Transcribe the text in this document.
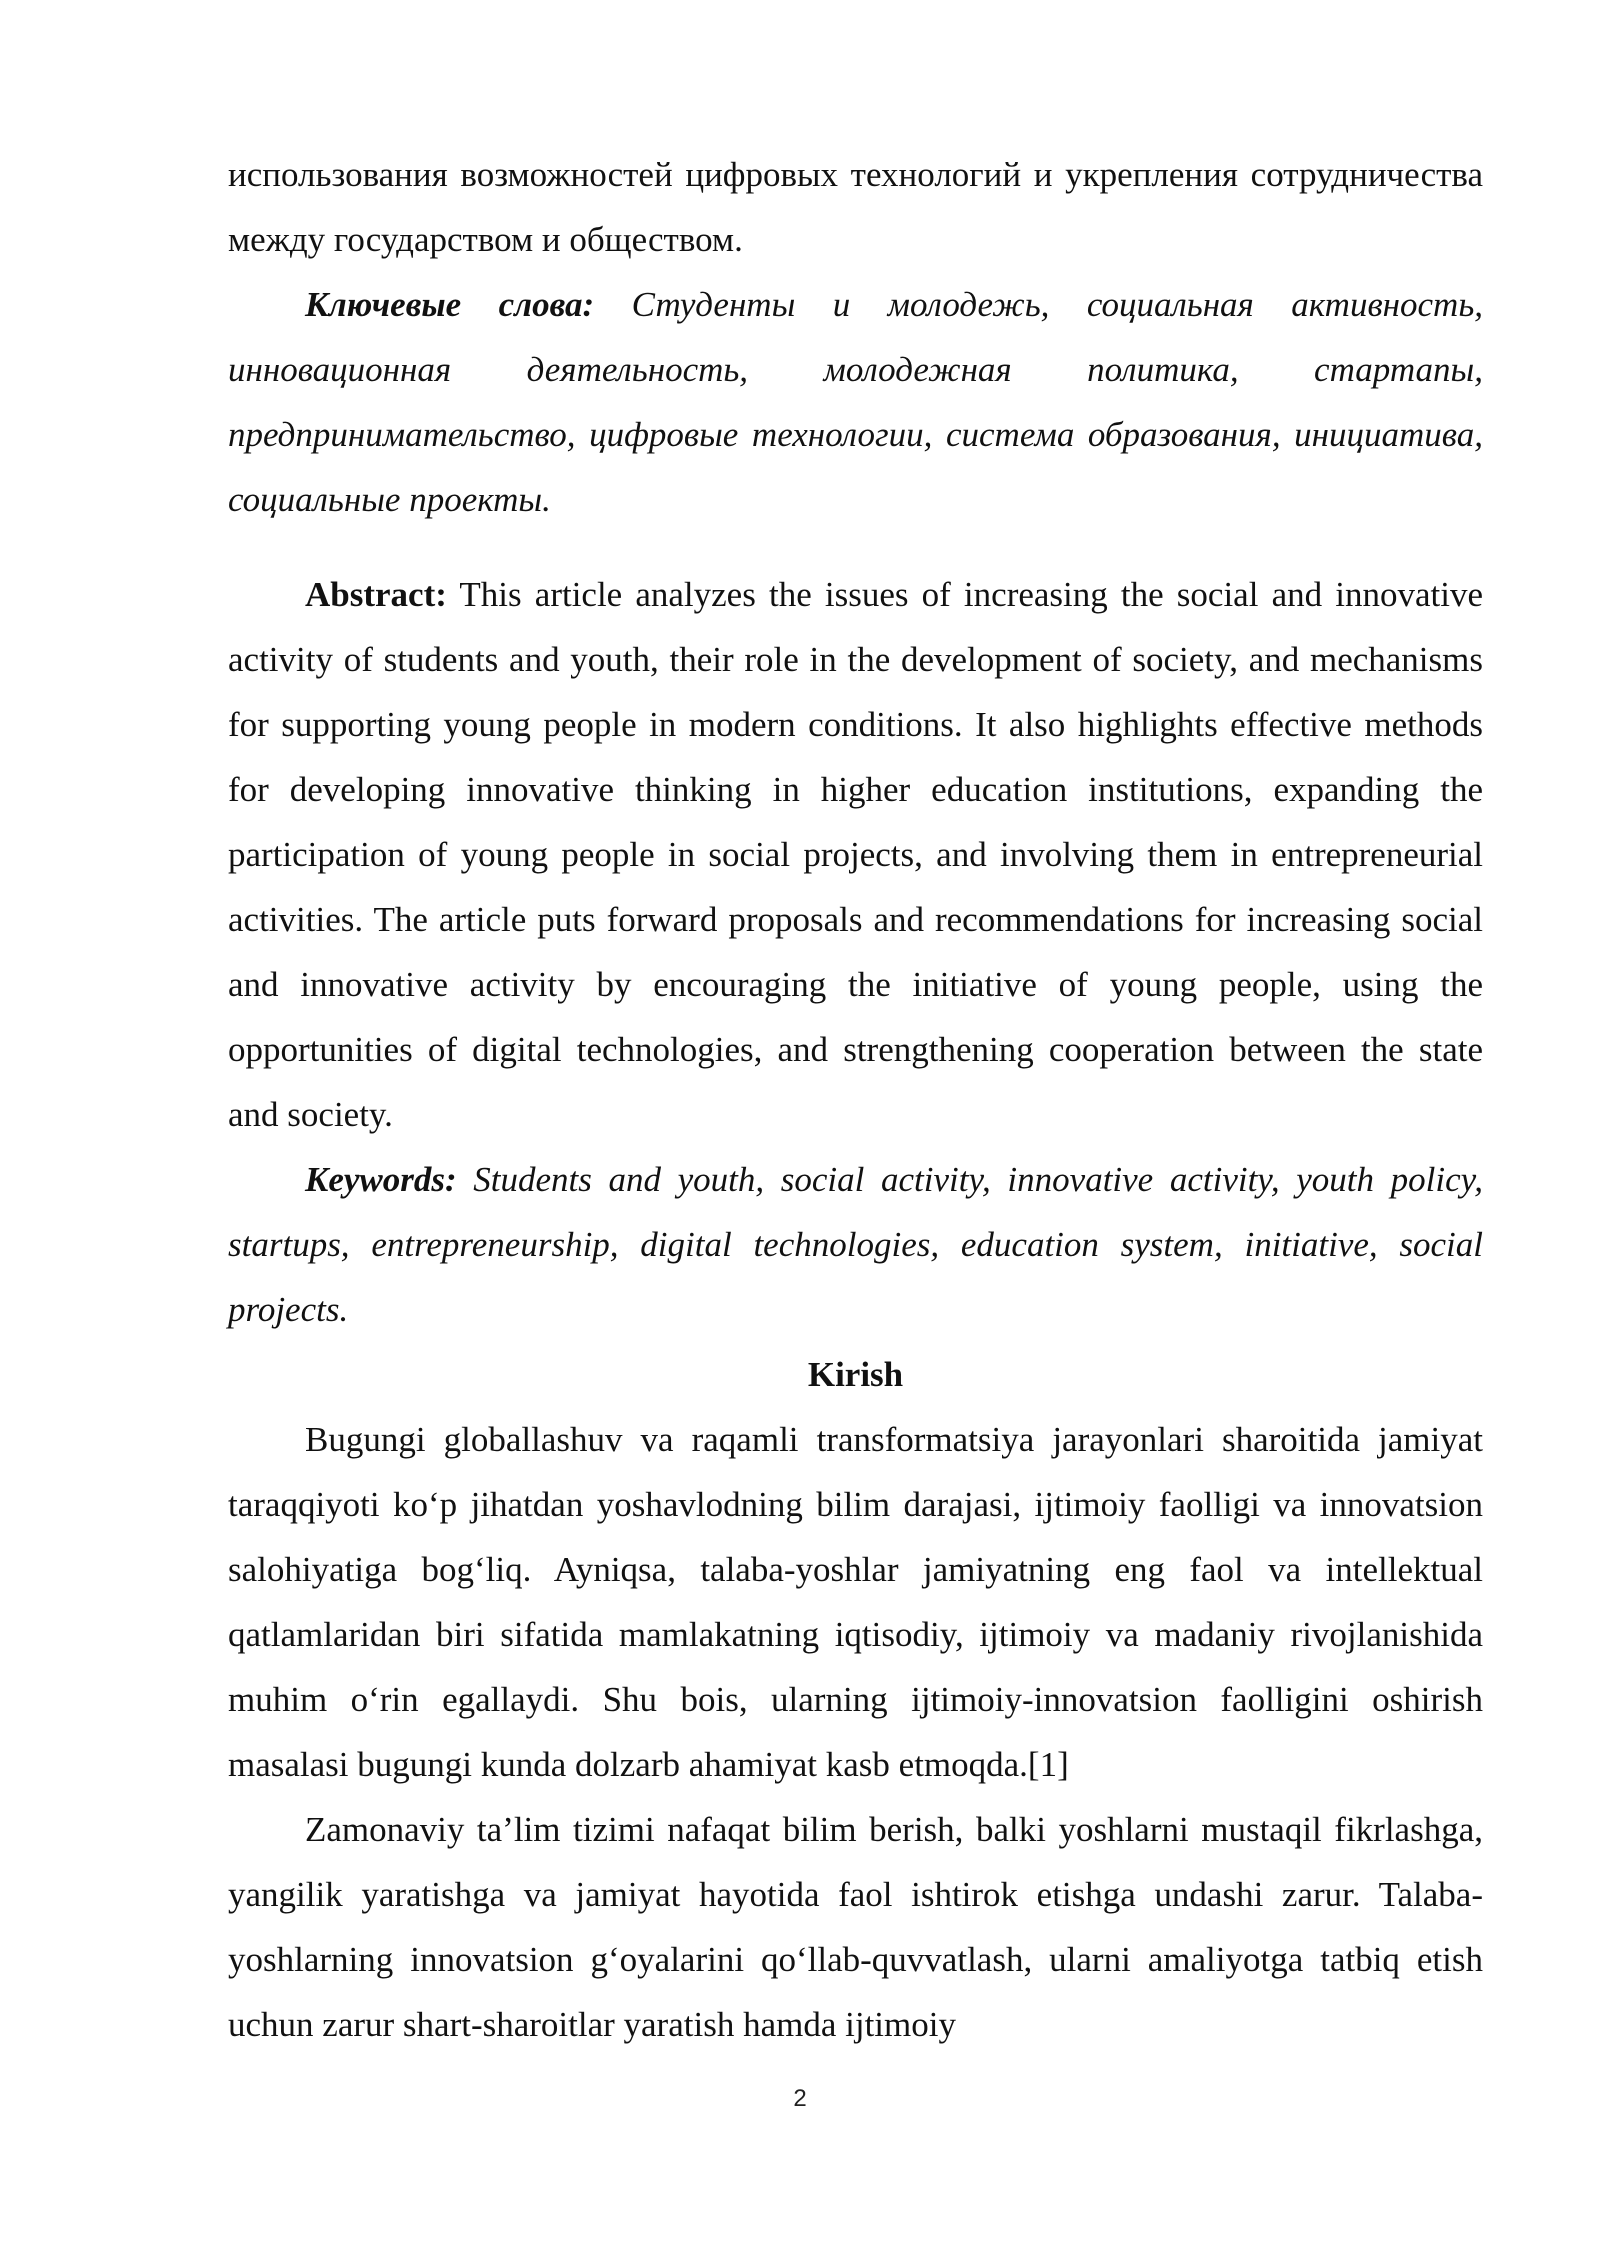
использования возможностей цифровых технологий и укрепления сотрудничества между государством и обществом.

Ключевые слова: Студенты и молодежь, социальная активность, инновационная деятельность, молодежная политика, стартапы, предпринимательство, цифровые технологии, система образования, инициатива, социальные проекты.

Abstract: This article analyzes the issues of increasing the social and innovative activity of students and youth, their role in the development of society, and mechanisms for supporting young people in modern conditions. It also highlights effective methods for developing innovative thinking in higher education institutions, expanding the participation of young people in social projects, and involving them in entrepreneurial activities. The article puts forward proposals and recommendations for increasing social and innovative activity by encouraging the initiative of young people, using the opportunities of digital technologies, and strengthening cooperation between the state and society.

Keywords: Students and youth, social activity, innovative activity, youth policy, startups, entrepreneurship, digital technologies, education system, initiative, social projects.

Kirish

Bugungi globallashuv va raqamli transformatsiya jarayonlari sharoitida jamiyat taraqqiyoti ko‘p jihatdan yoshavlodning bilim darajasi, ijtimoiy faolligi va innovatsion salohiyatiga bog‘liq. Ayniqsa, talaba-yoshlar jamiyatning eng faol va intellektual qatlamlaridan biri sifatida mamlakatning iqtisodiy, ijtimoiy va madaniy rivojlanishida muhim o‘rin egallaydi. Shu bois, ularning ijtimoiy-innovatsion faolligini oshirish masalasi bugungi kunda dolzarb ahamiyat kasb etmoqda.[1]

Zamonaviy ta’lim tizimi nafaqat bilim berish, balki yoshlarni mustaqil fikrlashga, yangilik yaratishga va jamiyat hayotida faol ishtirok etishga undashi zarur. Talaba-yoshlarning innovatsion g‘oyalarini qo‘llab-quvvatlash, ularni amaliyotga tatbiq etish uchun zarur shart-sharoitlar yaratish hamda ijtimoiy

2
